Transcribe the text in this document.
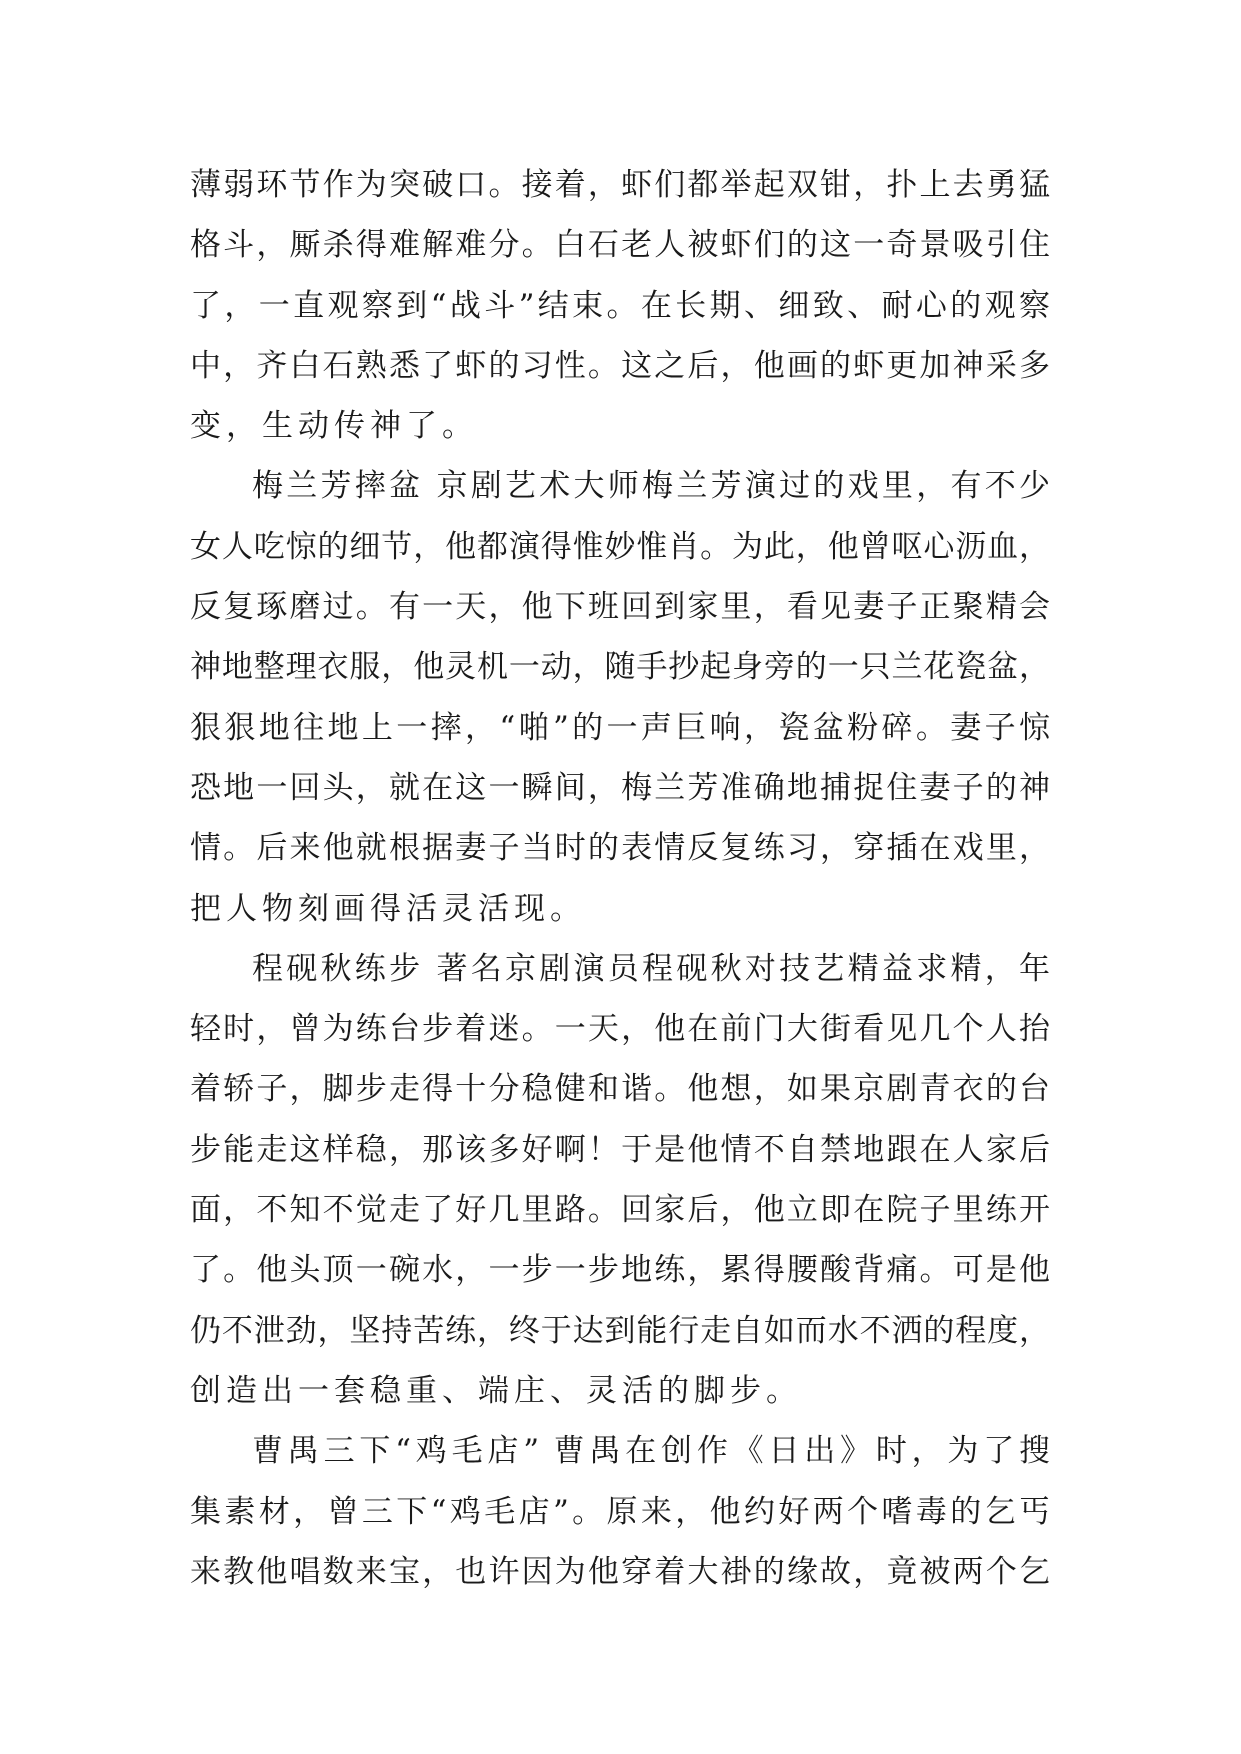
薄弱环节作为突破口。接着，虾们都举起双钳，扑上去勇猛
格斗，厮杀得难解难分。白石老人被虾们的这一奇景吸引住
了，一直观察到“战斗”结束。在长期、细致、耐心的观察
中，齐白石熟悉了虾的习性。这之后，他画的虾更加神采多
变，生动传神了。
梅兰芳摔盆 京剧艺术大师梅兰芳演过的戏里，有不少
女人吃惊的细节，他都演得惟妙惟肖。为此，他曾呕心沥血，
反复琢磨过。有一天，他下班回到家里，看见妻子正聚精会
神地整理衣服，他灵机一动，随手抄起身旁的一只兰花瓷盆，
狠狠地往地上一摔，“啪”的一声巨响，瓷盆粉碎。妻子惊
恐地一回头，就在这一瞬间，梅兰芳准确地捕捉住妻子的神
情。后来他就根据妻子当时的表情反复练习，穿插在戏里，
把人物刻画得活灵活现。
程砚秋练步 著名京剧演员程砚秋对技艺精益求精，年
轻时，曾为练台步着迷。一天，他在前门大街看见几个人抬
着轿子，脚步走得十分稳健和谐。他想，如果京剧青衣的台
步能走这样稳，那该多好啊！于是他情不自禁地跟在人家后
面，不知不觉走了好几里路。回家后，他立即在院子里练开
了。他头顶一碗水，一步一步地练，累得腰酸背痛。可是他
仍不泄劲，坚持苦练，终于达到能行走自如而水不洒的程度，
创造出一套稳重、端庄、灵活的脚步。
曹禺三下“鸡毛店” 曹禺在创作《日出》时，为了搜
集素材，曾三下“鸡毛店”。原来，他约好两个嗜毒的乞丐
来教他唱数来宝，也许因为他穿着大褂的缘故，竟被两个乞
